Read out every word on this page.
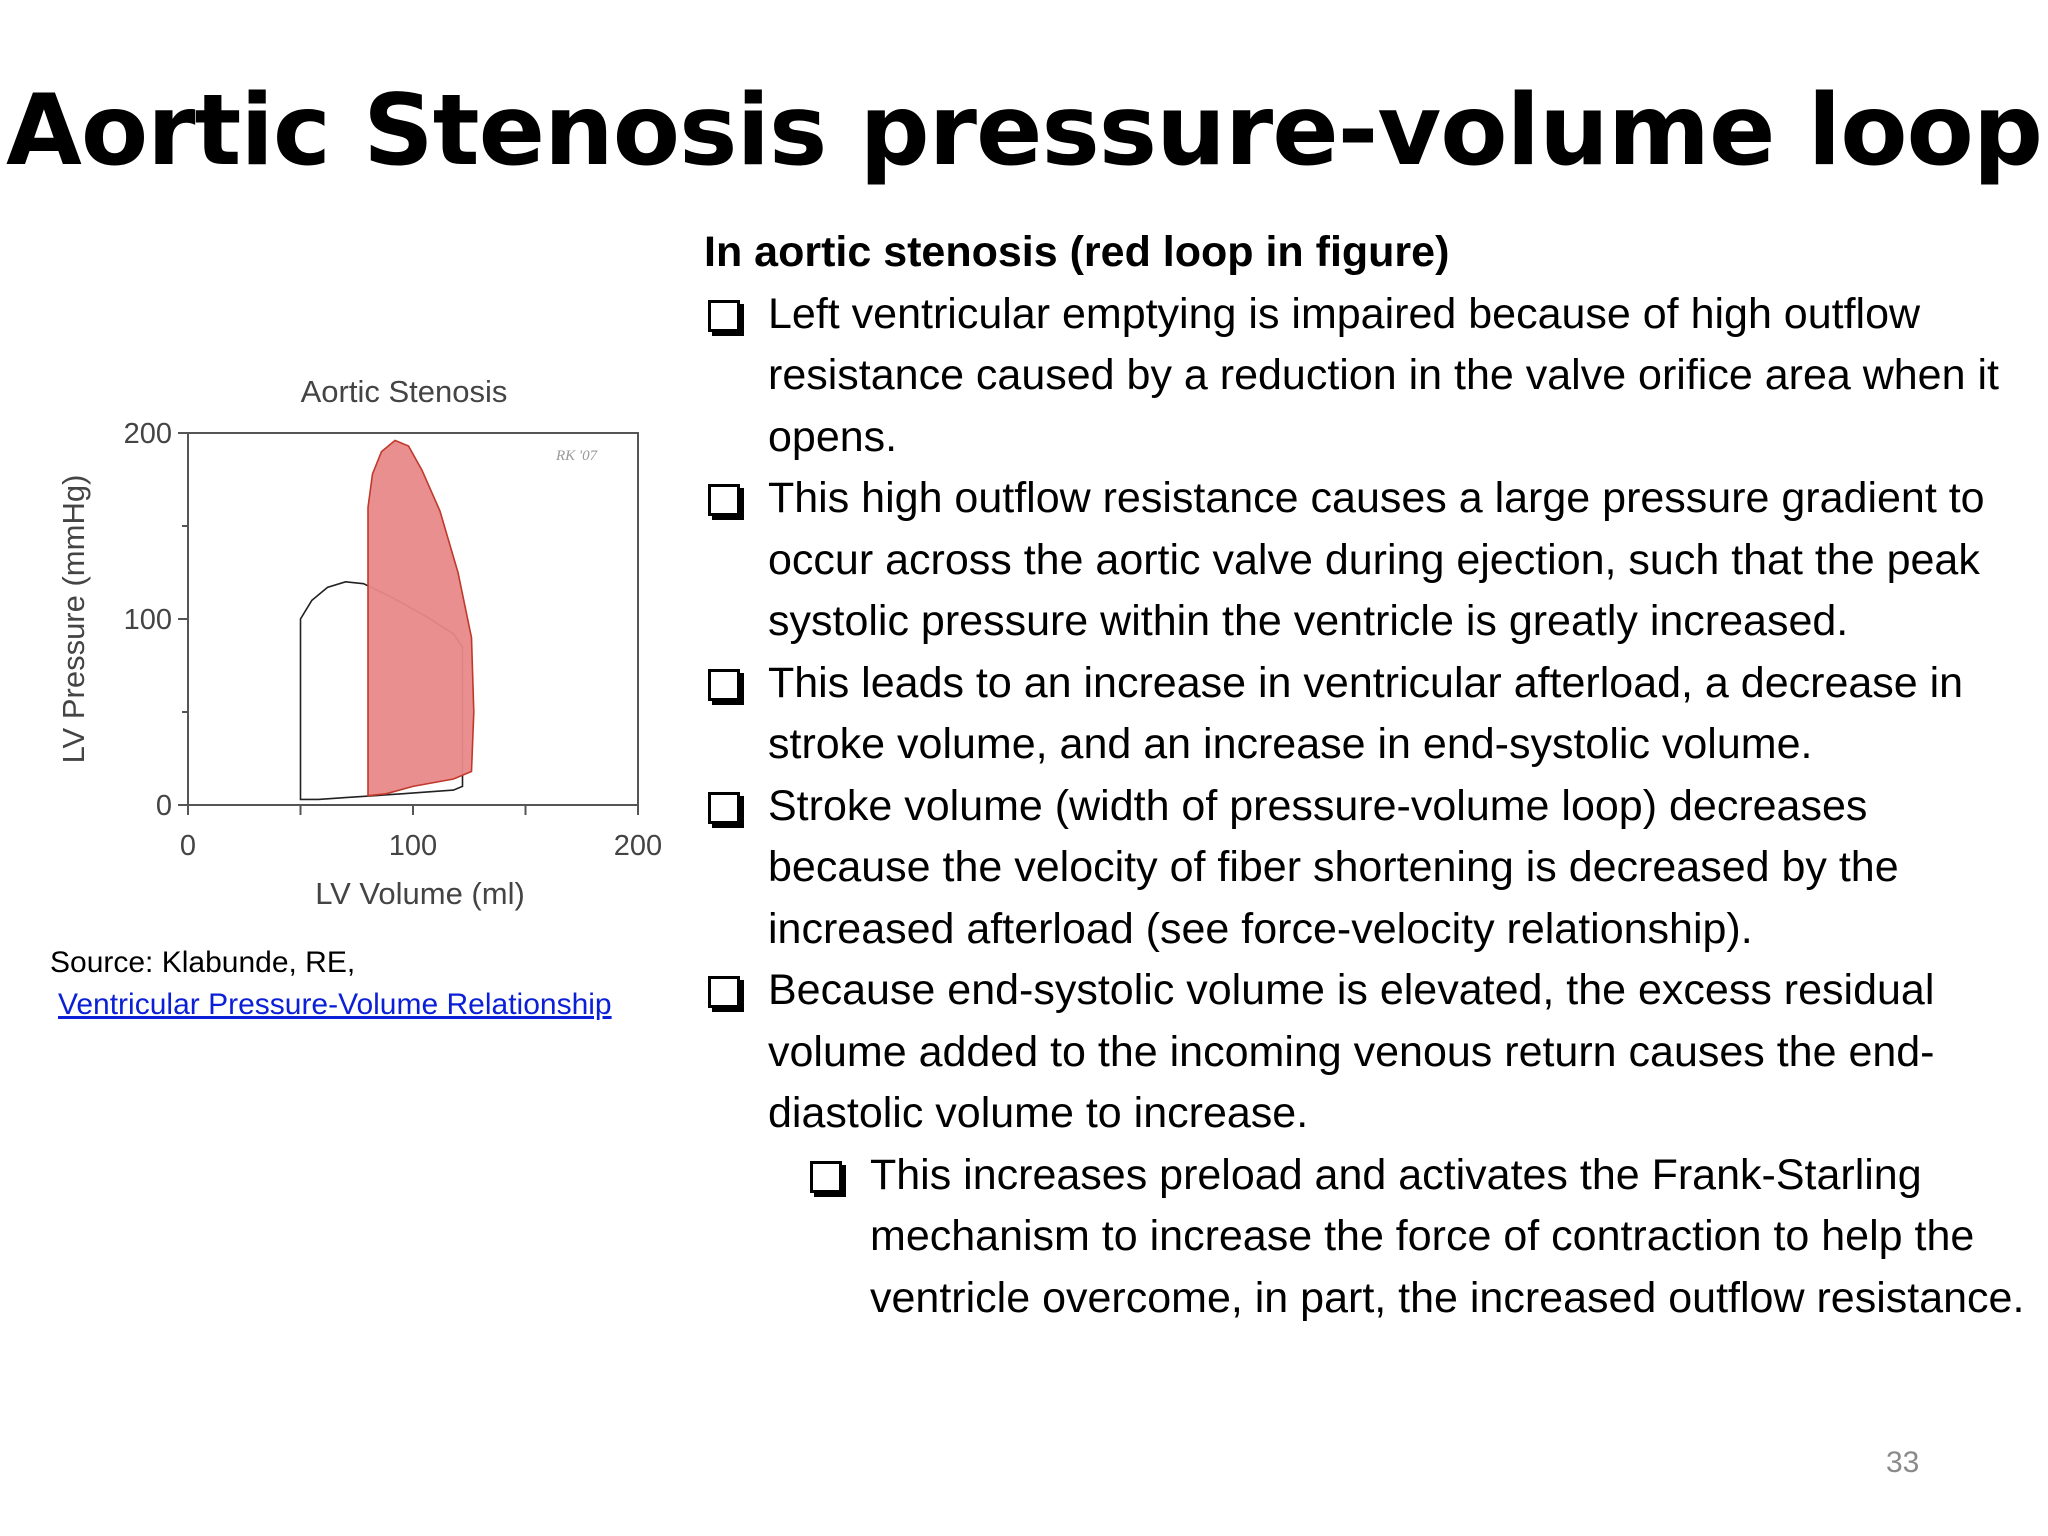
Aortic Stenosis pressure-volume loop
Aortic Stenosis
RK '07
0
0
100
100
200
200
LV Volume (ml)
LV Pressure (mmHg)
Source: Klabunde, RE,
Ventricular Pressure-Volume Relationship

In aortic stenosis (red loop in figure)

Left ventricular emptying is impaired because of high outflow resistance caused by a reduction in the valve orifice area when it opens.

This high outflow resistance causes a large pressure gradient to occur across the aortic valve during ejection, such that the peak systolic pressure within the ventricle is greatly increased.

This leads to an increase in ventricular afterload, a decrease in stroke volume, and an increase in end-systolic volume.

Stroke volume (width of pressure-volume loop) decreases because the velocity of fiber shortening is decreased by the increased afterload (see force-velocity relationship).

Because end-systolic volume is elevated, the excess residual volume added to the incoming venous return causes the end-diastolic volume to increase.

This increases preload and activates the Frank-Starling mechanism to increase the force of contraction to help the ventricle overcome, in part, the increased outflow resistance.

33
